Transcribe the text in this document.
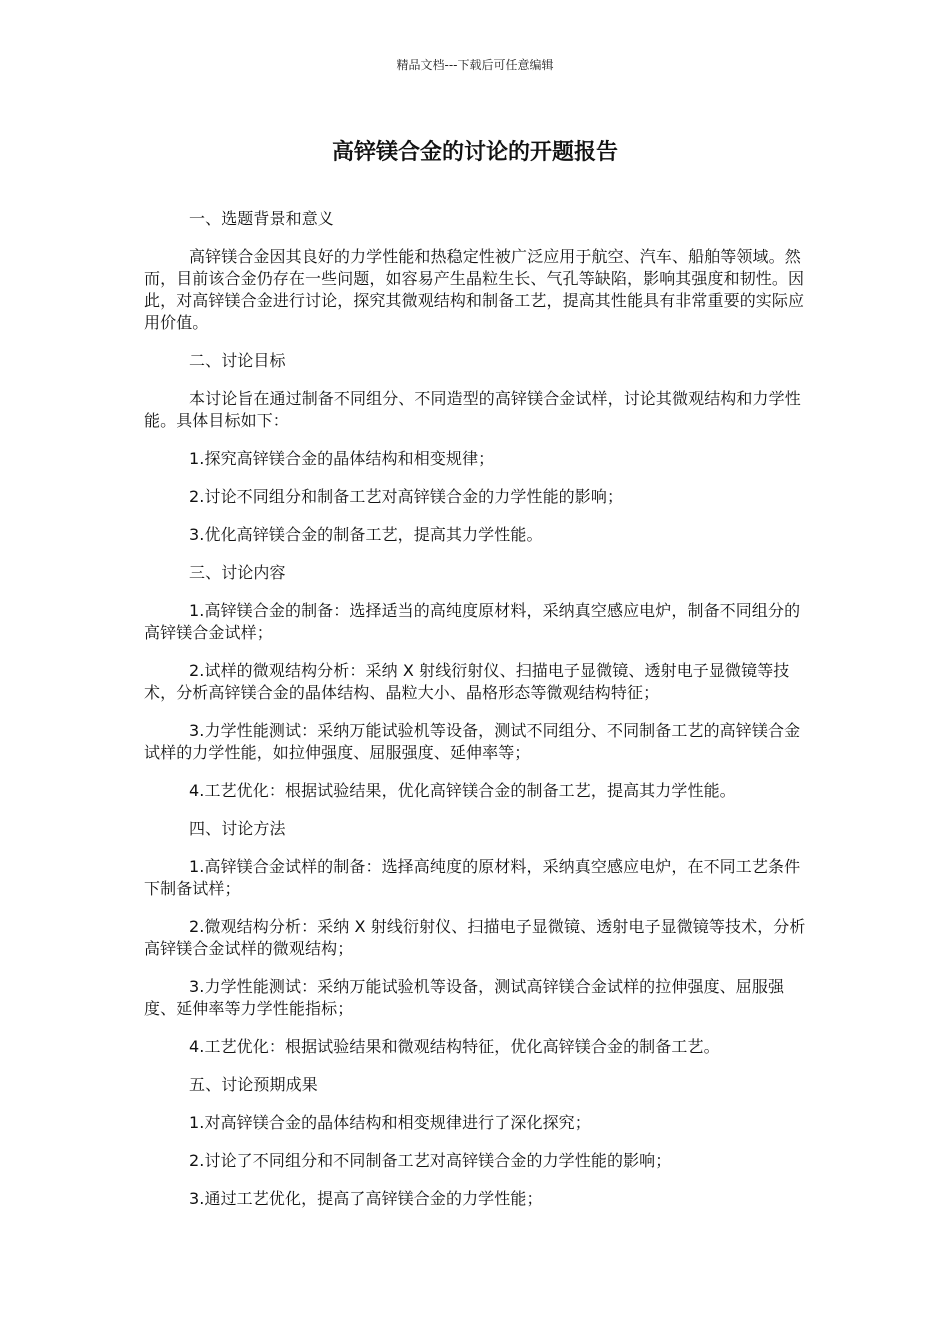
精品文档---下载后可任意编辑
高锌镁合金的讨论的开题报告

一、选题背景和意义

高锌镁合金因其良好的力学性能和热稳定性被广泛应用于航空、汽车、船舶等领域。然而，目前该合金仍存在一些问题，如容易产生晶粒生长、气孔等缺陷，影响其强度和韧性。因此，对高锌镁合金进行讨论，探究其微观结构和制备工艺，提高其性能具有非常重要的实际应用价值。

二、讨论目标

本讨论旨在通过制备不同组分、不同造型的高锌镁合金试样，讨论其微观结构和力学性能。具体目标如下：

1.探究高锌镁合金的晶体结构和相变规律；

2.讨论不同组分和制备工艺对高锌镁合金的力学性能的影响；

3.优化高锌镁合金的制备工艺，提高其力学性能。

三、讨论内容

1.高锌镁合金的制备：选择适当的高纯度原材料，采纳真空感应电炉，制备不同组分的高锌镁合金试样；

2.试样的微观结构分析：采纳 X 射线衍射仪、扫描电子显微镜、透射电子显微镜等技术，分析高锌镁合金的晶体结构、晶粒大小、晶格形态等微观结构特征；

3.力学性能测试：采纳万能试验机等设备，测试不同组分、不同制备工艺的高锌镁合金试样的力学性能，如拉伸强度、屈服强度、延伸率等；

4.工艺优化：根据试验结果，优化高锌镁合金的制备工艺，提高其力学性能。

四、讨论方法

1.高锌镁合金试样的制备：选择高纯度的原材料，采纳真空感应电炉，在不同工艺条件下制备试样；

2.微观结构分析：采纳 X 射线衍射仪、扫描电子显微镜、透射电子显微镜等技术，分析高锌镁合金试样的微观结构；

3.力学性能测试：采纳万能试验机等设备，测试高锌镁合金试样的拉伸强度、屈服强度、延伸率等力学性能指标；

4.工艺优化：根据试验结果和微观结构特征，优化高锌镁合金的制备工艺。

五、讨论预期成果

1.对高锌镁合金的晶体结构和相变规律进行了深化探究；

2.讨论了不同组分和不同制备工艺对高锌镁合金的力学性能的影响；

3.通过工艺优化，提高了高锌镁合金的力学性能；
